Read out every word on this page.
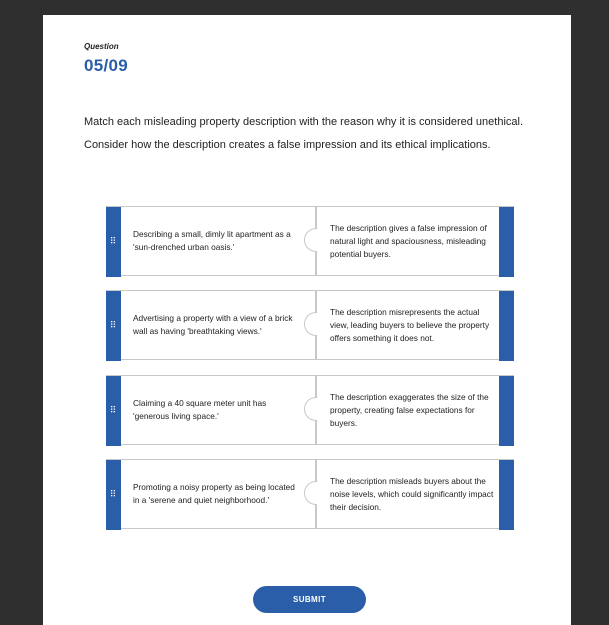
Question
05/09
Match each misleading property description with the reason why it is considered unethical. Consider how the description creates a false impression and its ethical implications.
⠿
Describing a small, dimly lit apartment as a 'sun-drenched urban oasis.'
The description gives a false impression of natural light and spaciousness, misleading potential buyers.
⠿
Advertising a property with a view of a brick wall as having 'breathtaking views.'
The description misrepresents the actual view, leading buyers to believe the property offers something it does not.
⠿
Claiming a 40 square meter unit has 'generous living space.'
The description exaggerates the size of the property, creating false expectations for buyers.
⠿
Promoting a noisy property as being located in a 'serene and quiet neighborhood.'
The description misleads buyers about the noise levels, which could significantly impact their decision.
SUBMIT
